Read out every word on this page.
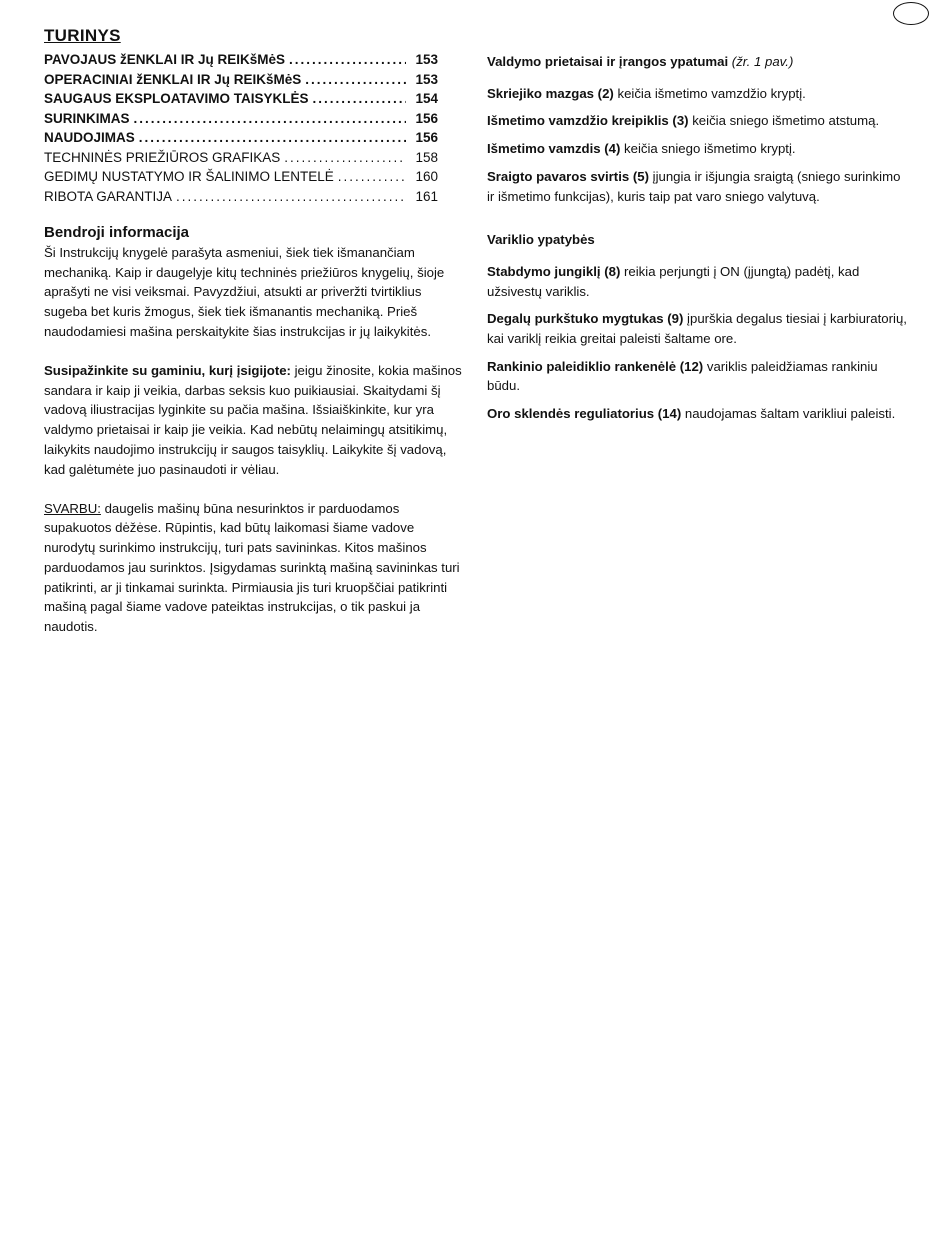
TURINYS
PAVOJAUS žENKLAI IR Jų REIKšMėS .....	153
OPERACINIAI žENKLAI IR Jų REIKšMėS .....	153
SAUGAUS EKSPLOATAVIMO TAISYKLĖS .....	154
SURINKIMAS .....	156
NAUDOJIMAS .....	156
TECHNINĖS PRIEŽIŪROS GRAFIKAS .....	158
GEDIMŲ NUSTATYMO IR ŠALINIMO LENTELĖ .....	160
RIBOTA GARANTIJA .....	161
Bendroji informacija

Ši Instrukcijų knygelė parašyta asmeniui, šiek tiek išmanančiam mechaniką. Kaip ir daugelyje kitų techninės priežiūros knygelių, šioje aprašyti ne visi veiksmai. Pavyzdžiui, atsukti ar priveržti tvirtiklius sugeba bet kuris žmogus, šiek tiek išmanantis mechaniką. Prieš naudodamiesi mašina perskaitykite šias instrukcijas ir jų laikykitės.

Susipažinkite su gaminiu, kurį įsigijote: jeigu žinosite, kokia mašinos sandara ir kaip ji veikia, darbas seksis kuo puikiausiai. Skaitydami šį vadovą iliustracijas lyginkite su pačia mašina. Išsiaiškinkite, kur yra valdymo prietaisai ir kaip jie veikia. Kad nebūtų nelaimingų atsitikimų, laikykits naudojimo instrukcijų ir saugos taisyklių. Laikykite šį vadovą, kad galėtumėte juo pasinaudoti ir vėliau.

SVARBU: daugelis mašinų būna nesurinktos ir parduodamos supakuotos dėžėse. Rūpintis, kad būtų laikomasi šiame vadove nurodytų surinkimo instrukcijų, turi pats savininkas. Kitos mašinos parduodamos jau surinktos. Įsigydamas surinktą mašiną savininkas turi patikrinti, ar ji tinkamai surinkta. Pirmiausia jis turi kruopščiai patikrinti mašiną pagal šiame vadove pateiktas instrukcijas, o tik paskui ja naudotis.

Valdymo prietaisai ir įrangos ypatumai (žr. 1 pav.)

Skriejiko mazgas (2) keičia išmetimo vamzdžio kryptį.

Išmetimo vamzdžio kreipiklis (3) keičia sniego išmetimo atstumą.

Išmetimo vamzdis (4) keičia sniego išmetimo kryptį.

Sraigto pavaros svirtis (5) įjungia ir išjungia sraigtą (sniego surinkimo ir išmetimo funkcijas), kuris taip pat varo sniego valytuvą.

Variklio ypatybės

Stabdymo jungiklį (8) reikia perjungti į ON (įjungtą) padėtį, kad užsivestų variklis.

Degalų purkštuko mygtukas (9) įpurškia degalus tiesiai į karbiuratorių, kai variklį reikia greitai paleisti šaltame ore.

Rankinio paleidiklio rankenėlė (12) variklis paleidžiamas rankiniu būdu.

Oro sklendės reguliatorius (14) naudojamas šaltam varikliui paleisti.
